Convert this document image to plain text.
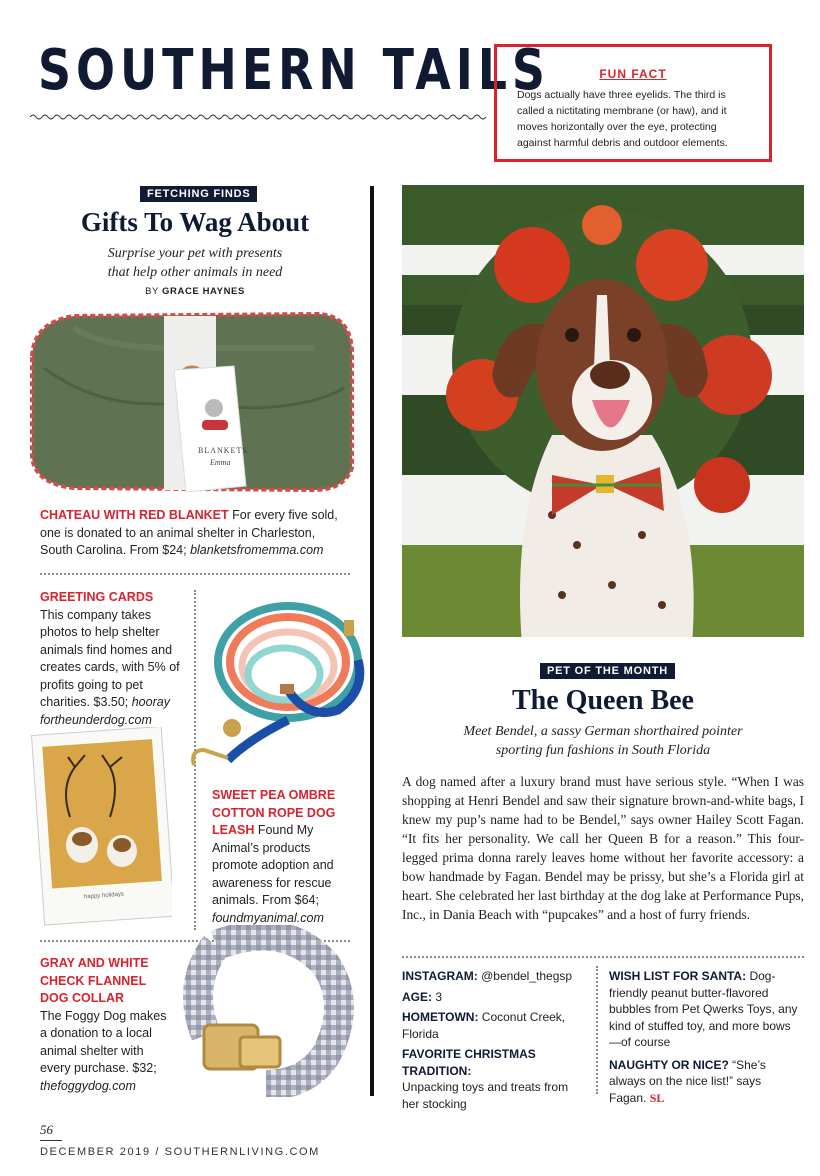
SOUTHERN TAILS	FUN FACT
Dogs actually have three eyelids. The third is called a nictitating membrane (or haw), and it moves horizontally over the eye, protecting against harmful debris and outdoor elements.
FETCHING FINDS
Gifts To Wag About
Surprise your pet with presents
that help other animals in need
BY GRACE HAYNES
BLANKETS
Emma
CHATEAU WITH RED BLANKET For every five sold, one is donated to an animal shelter in Charleston, South Carolina. From $24; blanketsfromemma.com
GREETING CARDS
This company takes photos to help shelter animals find homes and creates cards, with 5% of profits going to pet charities. $3.50; hooray fortheunderdog.com
happy holidays
SWEET PEA OMBRE COTTON ROPE DOG LEASH Found My Animal’s products promote adoption and awareness for rescue animals. From $64; foundmyanimal.com
GRAY AND WHITE CHECK FLANNEL DOG COLLAR
The Foggy Dog makes a donation to a local animal shelter with every purchase. $32; thefoggydog.com
PET OF THE MONTH
The Queen Bee
Meet Bendel, a sassy German shorthaired pointer
sporting fun fashions in South Florida
A dog named after a luxury brand must have serious style. “When I was shopping at Henri Bendel and saw their signature brown-and-white bags, I knew my pup’s name had to be Bendel,” says owner Hailey Scott Fagan. “It fits her personality. We call her Queen B for a reason.” This four-legged prima donna rarely leaves home without her favorite accessory: a bow handmade by Fagan. Bendel may be prissy, but she’s a Florida girl at heart. She celebrated her last birthday at the dog lake at Performance Pups, Inc., in Dania Beach with “pupcakes” and a host of furry friends.
INSTAGRAM: @bendel_thegsp
AGE: 3
HOMETOWN: Coconut Creek, Florida
FAVORITE CHRISTMAS TRADITION:
Unpacking toys and treats from her stocking
WISH LIST FOR SANTA: Dog-friendly peanut butter-flavored bubbles from Pet Qwerks Toys, any kind of stuffed toy, and more bows—of course
NAUGHTY OR NICE? “She’s always on the nice list!” says Fagan. SL
56
DECEMBER 2019 / SOUTHERNLIVING.COM
